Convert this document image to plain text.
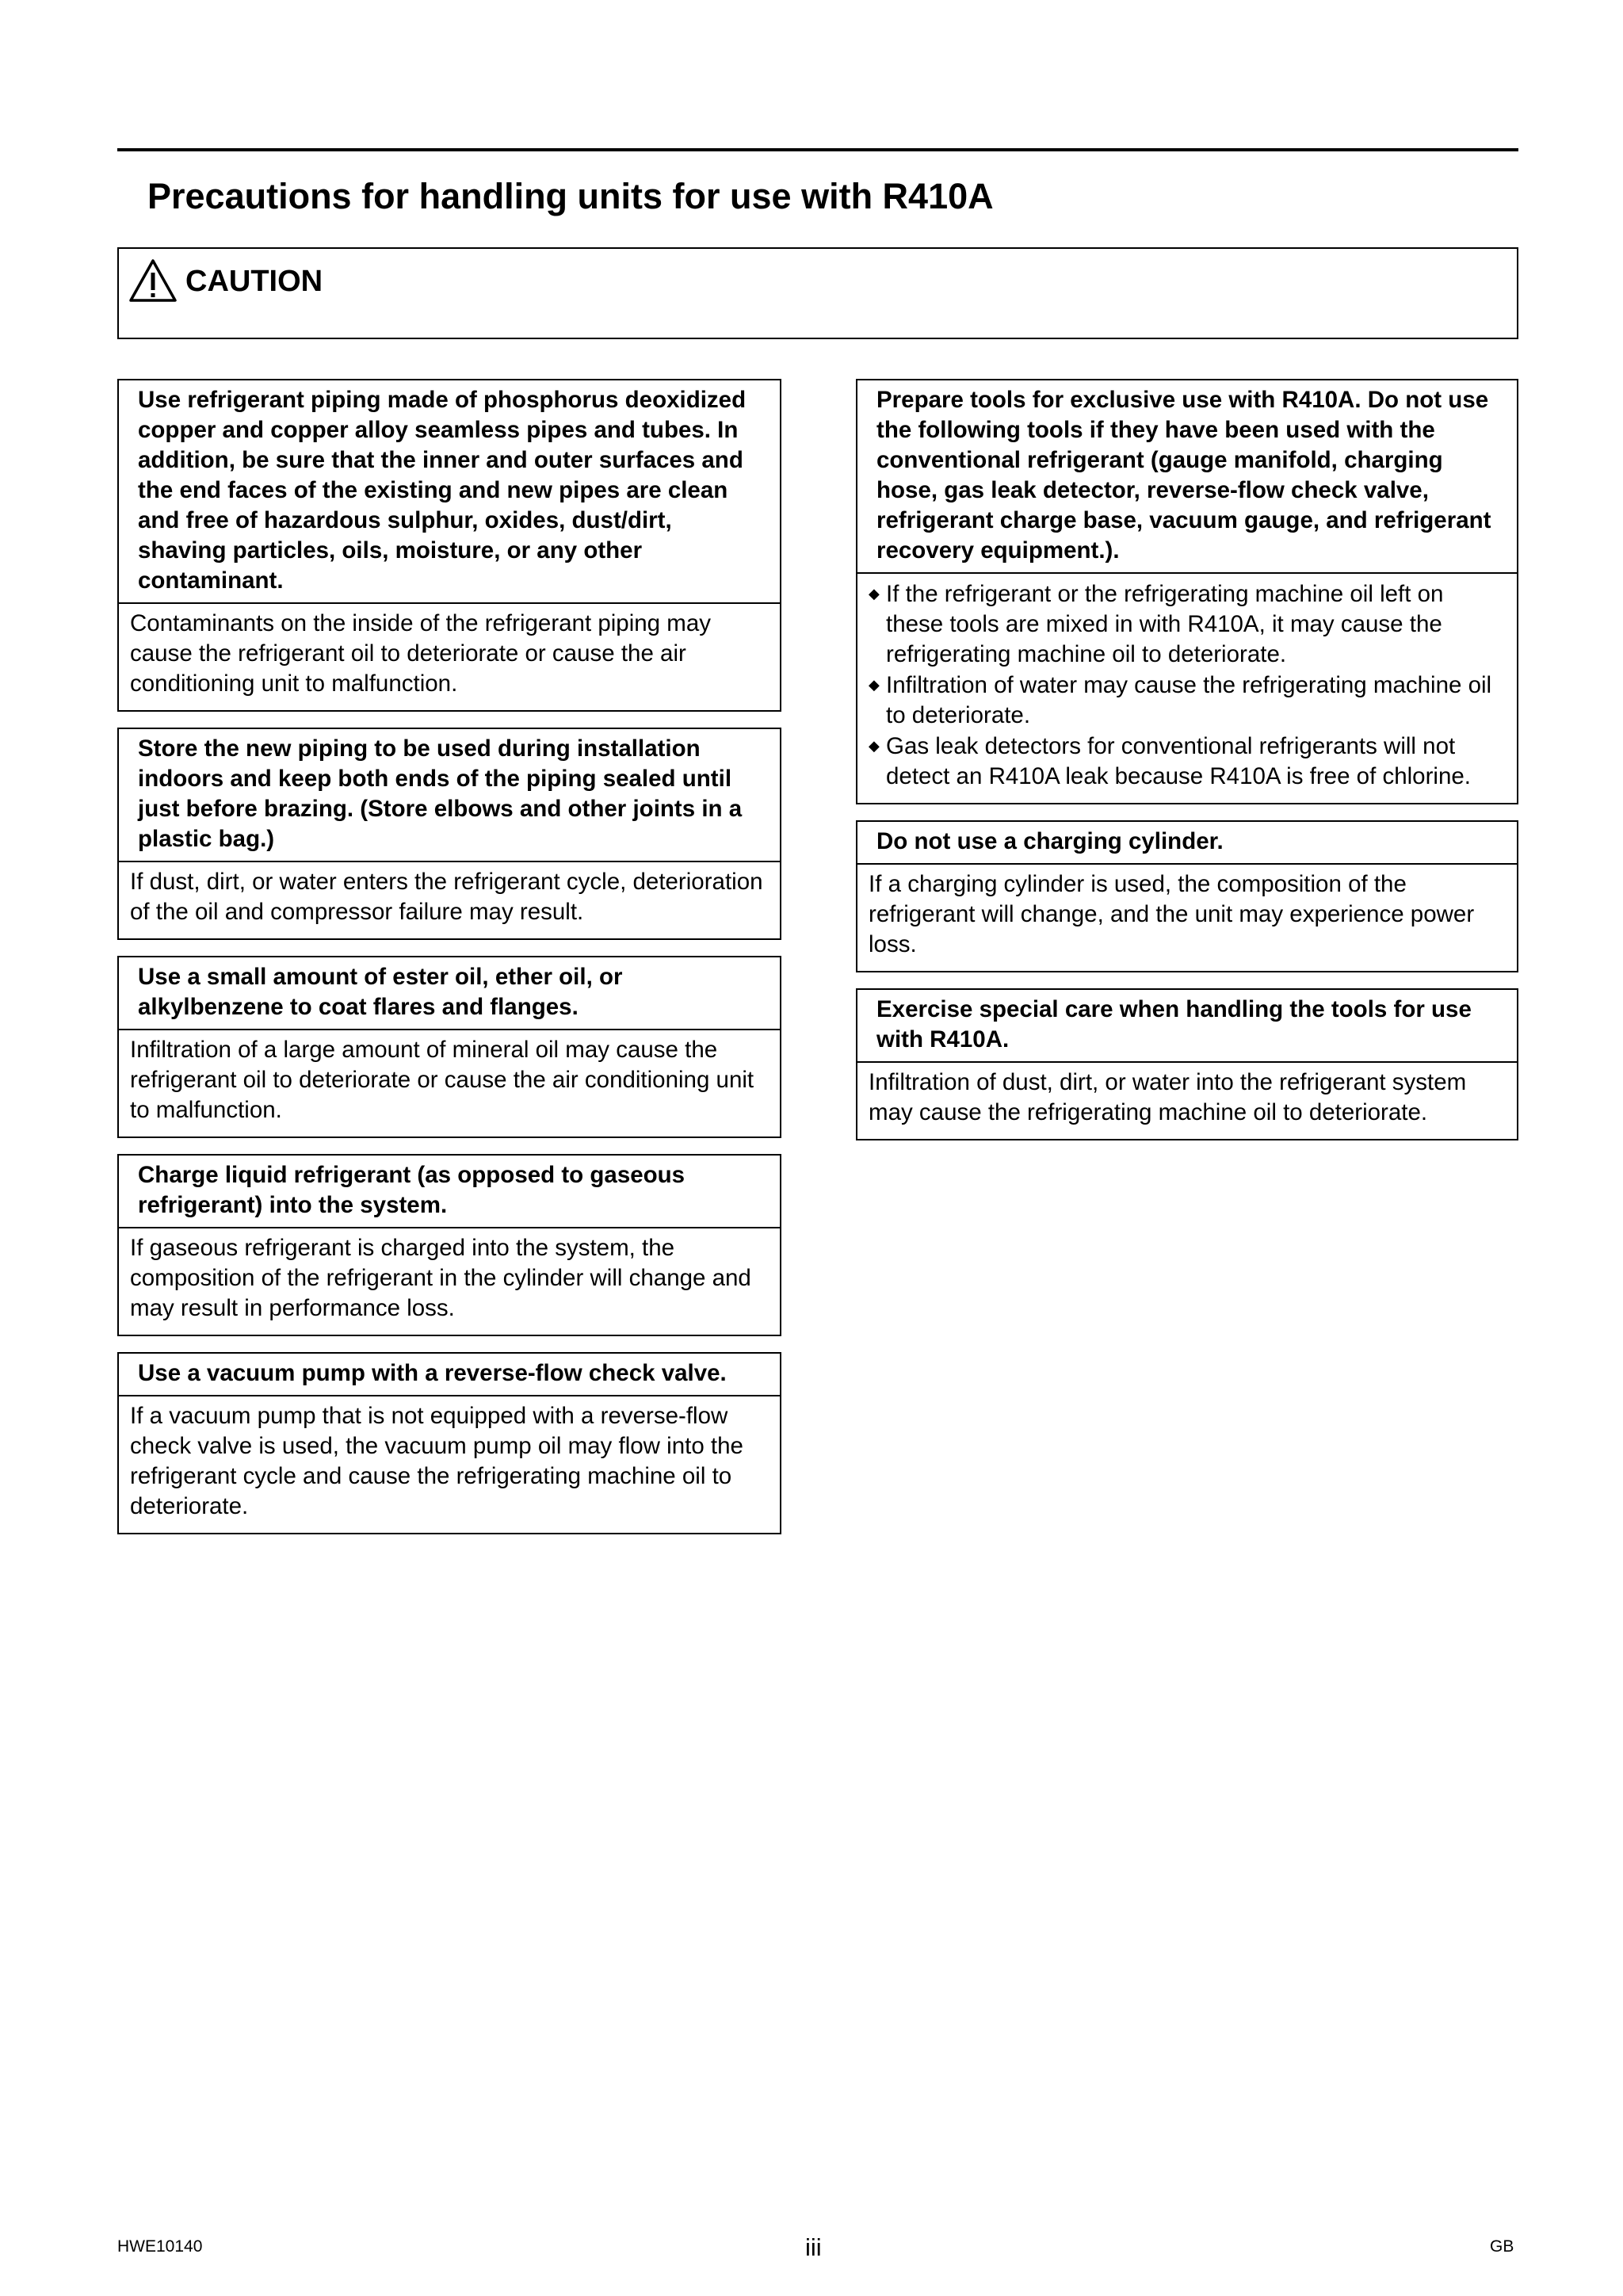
Precautions for handling units for use with R410A
CAUTION
Use refrigerant piping made of phosphorus deoxidized copper and copper alloy seamless pipes and tubes. In addition, be sure that the inner and outer surfaces and the end faces of the existing and new pipes are clean and free of hazardous sulphur, oxides, dust/dirt, shaving particles, oils, moisture, or any other contaminant.
Contaminants on the inside of the refrigerant piping may cause the refrigerant oil to deteriorate or cause the air conditioning unit to malfunction.
Store the new piping to be used during installation indoors and keep both ends of the piping sealed until just before brazing. (Store elbows and other joints in a plastic bag.)
If dust, dirt, or water enters the refrigerant cycle, deterioration of the oil and compressor failure may result.
Use a small amount of ester oil, ether oil, or alkylbenzene to coat flares and flanges.
Infiltration of a large amount of mineral oil may cause the refrigerant oil to deteriorate or cause the air conditioning unit to malfunction.
Charge liquid refrigerant (as opposed to gaseous refrigerant) into the system.
If gaseous refrigerant is charged into the system, the composition of the refrigerant in the cylinder will change and may result in performance loss.
Use a vacuum pump with a reverse-flow check valve.
If a vacuum pump that is not equipped with a reverse-flow check valve is used, the vacuum pump oil may flow into the refrigerant cycle and cause the refrigerating machine oil to deteriorate.
Prepare tools for exclusive use with R410A. Do not use the following tools if they have been used with the conventional refrigerant (gauge manifold, charging hose, gas leak detector, reverse-flow check valve, refrigerant charge base, vacuum gauge, and refrigerant recovery equipment.).
◆ If the refrigerant or the refrigerating machine oil left on these tools are mixed in with R410A, it may cause the refrigerating machine oil to deteriorate.
◆ Infiltration of water may cause the refrigerating machine oil to deteriorate.
◆ Gas leak detectors for conventional refrigerants will not detect an R410A leak because R410A is free of chlorine.
Do not use a charging cylinder.
If a charging cylinder is used, the composition of the refrigerant will change, and the unit may experience power loss.
Exercise special care when handling the tools for use with R410A.
Infiltration of dust, dirt, or water into the refrigerant system may cause the refrigerating machine oil to deteriorate.
HWE10140	iii	GB
